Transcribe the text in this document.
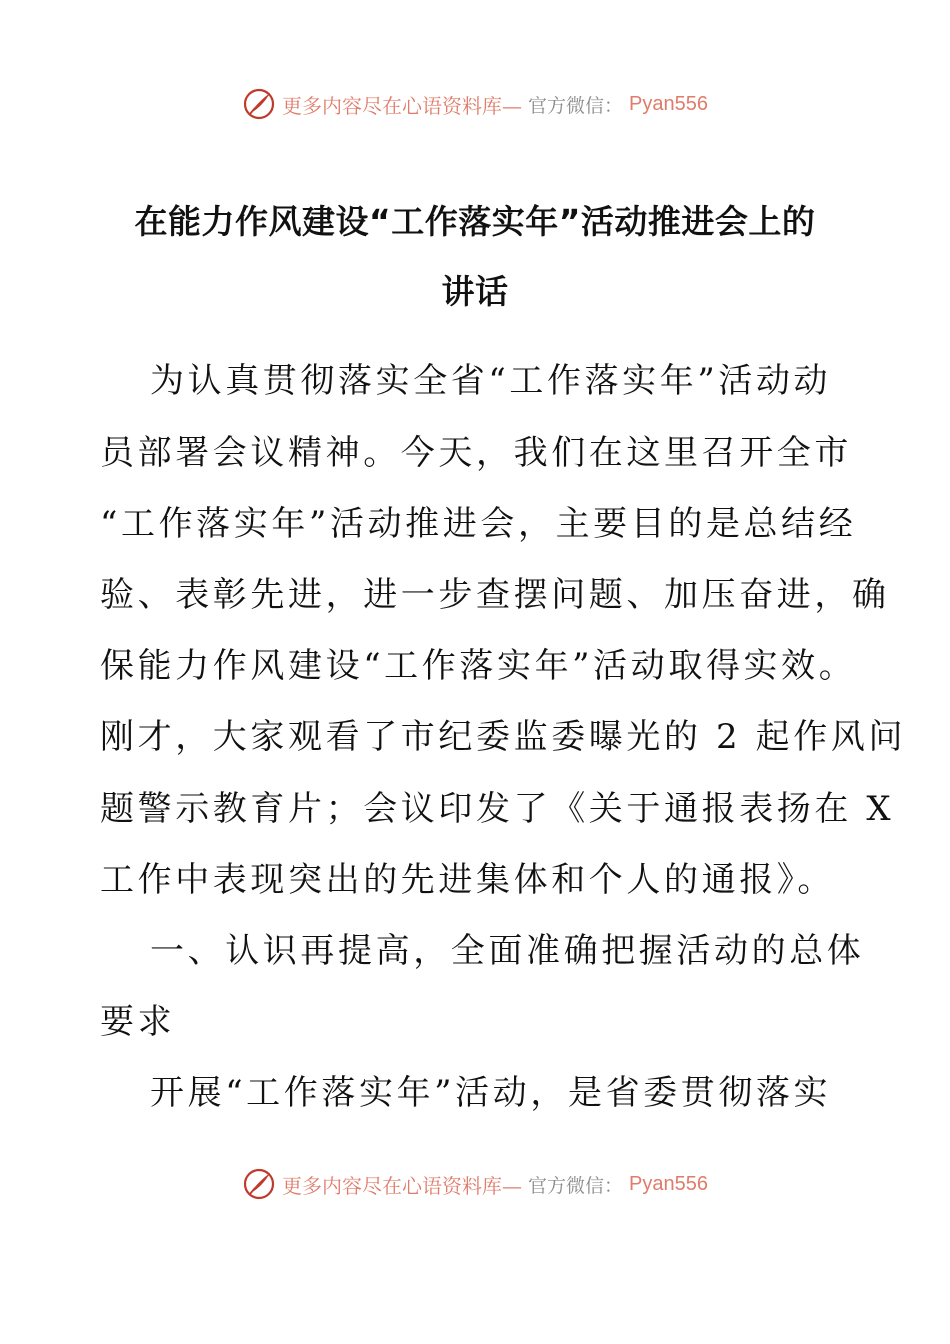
更多内容尽在心语资料库— 官方微信： Pyan556
在能力作风建设“工作落实年”活动推进会上的
讲话
为认真贯彻落实全省“工作落实年”活动动
员部署会议精神。今天，我们在这里召开全市
“工作落实年”活动推进会，主要目的是总结经
验、表彰先进，进一步查摆问题、加压奋进，确
保能力作风建设“工作落实年”活动取得实效。
刚才，大家观看了市纪委监委曝光的 2 起作风问
题警示教育片；会议印发了《关于通报表扬在 X
工作中表现突出的先进集体和个人的通报》。
一、认识再提高，全面准确把握活动的总体
要求
开展“工作落实年”活动，是省委贯彻落实
更多内容尽在心语资料库— 官方微信： Pyan556
